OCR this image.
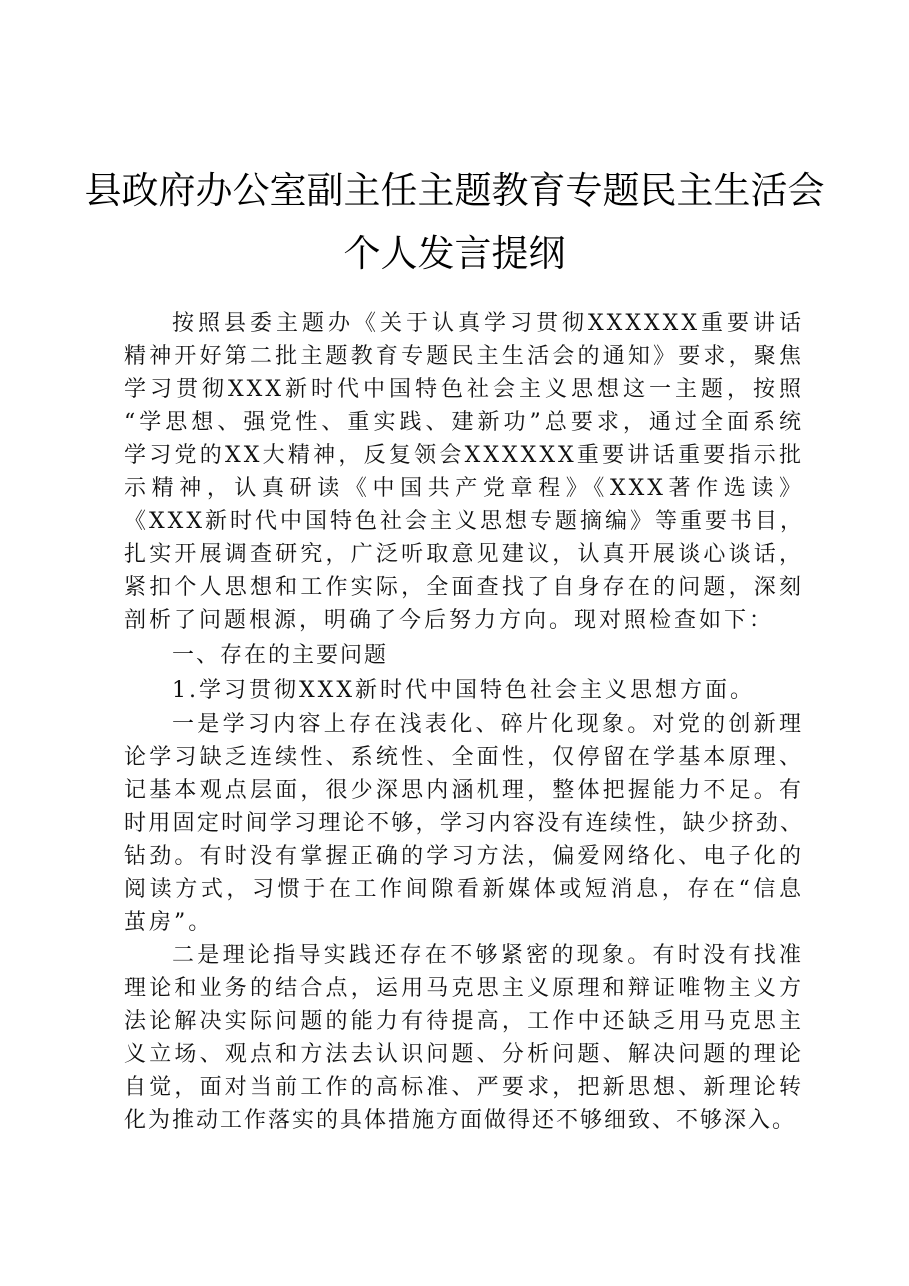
县政府办公室副主任主题教育专题民主生活会
个人发言提纲
按照县委主题办《关于认真学习贯彻XXXXXX重要讲话
精神开好第二批主题教育专题民主生活会的通知》要求，聚焦
学习贯彻XXX新时代中国特色社会主义思想这一主题，按照
“学思想、强党性、重实践、建新功”总要求，通过全面系统
学习党的XX大精神，反复领会XXXXXX重要讲话重要指示批
示精神，认真研读《中国共产党章程》《XXX著作选读》
《XXX新时代中国特色社会主义思想专题摘编》等重要书目，
扎实开展调查研究，广泛听取意见建议，认真开展谈心谈话，
紧扣个人思想和工作实际，全面查找了自身存在的问题，深刻
剖析了问题根源，明确了今后努力方向。现对照检查如下：
一、存在的主要问题
1.学习贯彻XXX新时代中国特色社会主义思想方面。
一是学习内容上存在浅表化、碎片化现象。对党的创新理
论学习缺乏连续性、系统性、全面性，仅停留在学基本原理、
记基本观点层面，很少深思内涵机理，整体把握能力不足。有
时用固定时间学习理论不够，学习内容没有连续性，缺少挤劲、
钻劲。有时没有掌握正确的学习方法，偏爱网络化、电子化的
阅读方式，习惯于在工作间隙看新媒体或短消息，存在“信息
茧房”。
二是理论指导实践还存在不够紧密的现象。有时没有找准
理论和业务的结合点，运用马克思主义原理和辩证唯物主义方
法论解决实际问题的能力有待提高，工作中还缺乏用马克思主
义立场、观点和方法去认识问题、分析问题、解决问题的理论
自觉，面对当前工作的高标准、严要求，把新思想、新理论转
化为推动工作落实的具体措施方面做得还不够细致、不够深入。
